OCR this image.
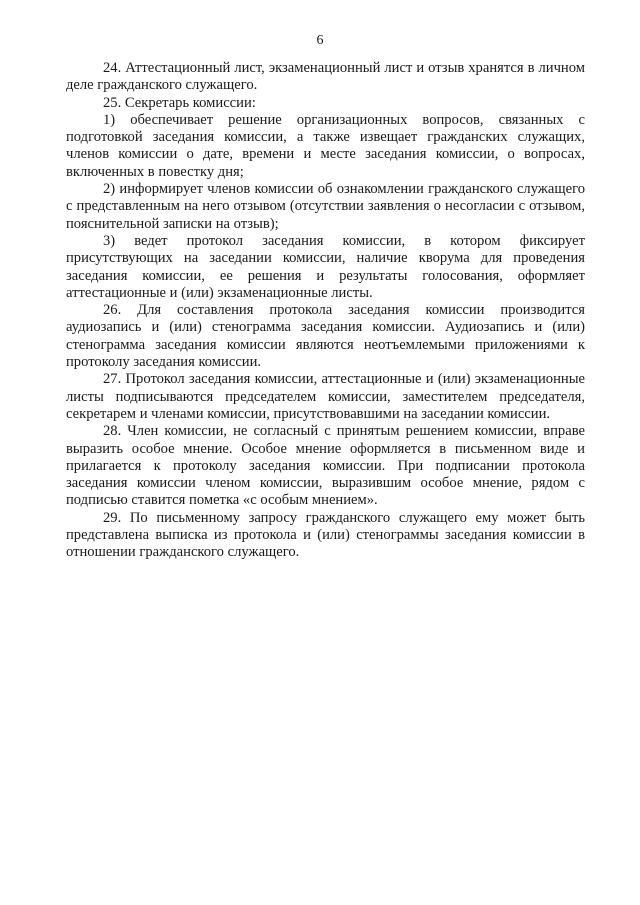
6

24. Аттестационный лист, экзаменационный лист и отзыв хранятся в личном деле гражданского служащего.

25. Секретарь комиссии:

1) обеспечивает решение организационных вопросов, связанных с подготовкой заседания комиссии, а также извещает гражданских служащих, членов комиссии о дате, времени и месте заседания комиссии, о вопросах, включенных в повестку дня;

2) информирует членов комиссии об ознакомлении гражданского служащего с представленным на него отзывом (отсутствии заявления о несогласии с отзывом, пояснительной записки на отзыв);

3) ведет протокол заседания комиссии, в котором фиксирует присутствующих на заседании комиссии, наличие кворума для проведения заседания комиссии, ее решения и результаты голосования, оформляет аттестационные и (или) экзаменационные листы.

26. Для составления протокола заседания комиссии производится аудиозапись и (или) стенограмма заседания комиссии. Аудиозапись и (или) стенограмма заседания комиссии являются неотъемлемыми приложениями к протоколу заседания комиссии.

27. Протокол заседания комиссии, аттестационные и (или) экзаменационные листы подписываются председателем комиссии, заместителем председателя, секретарем и членами комиссии, присутствовавшими на заседании комиссии.

28. Член комиссии, не согласный с принятым решением комиссии, вправе выразить особое мнение. Особое мнение оформляется в письменном виде и прилагается к протоколу заседания комиссии. При подписании протокола заседания комиссии членом комиссии, выразившим особое мнение, рядом с подписью ставится пометка «с особым мнением».

29. По письменному запросу гражданского служащего ему может быть представлена выписка из протокола и (или) стенограммы заседания комиссии в отношении гражданского служащего.
